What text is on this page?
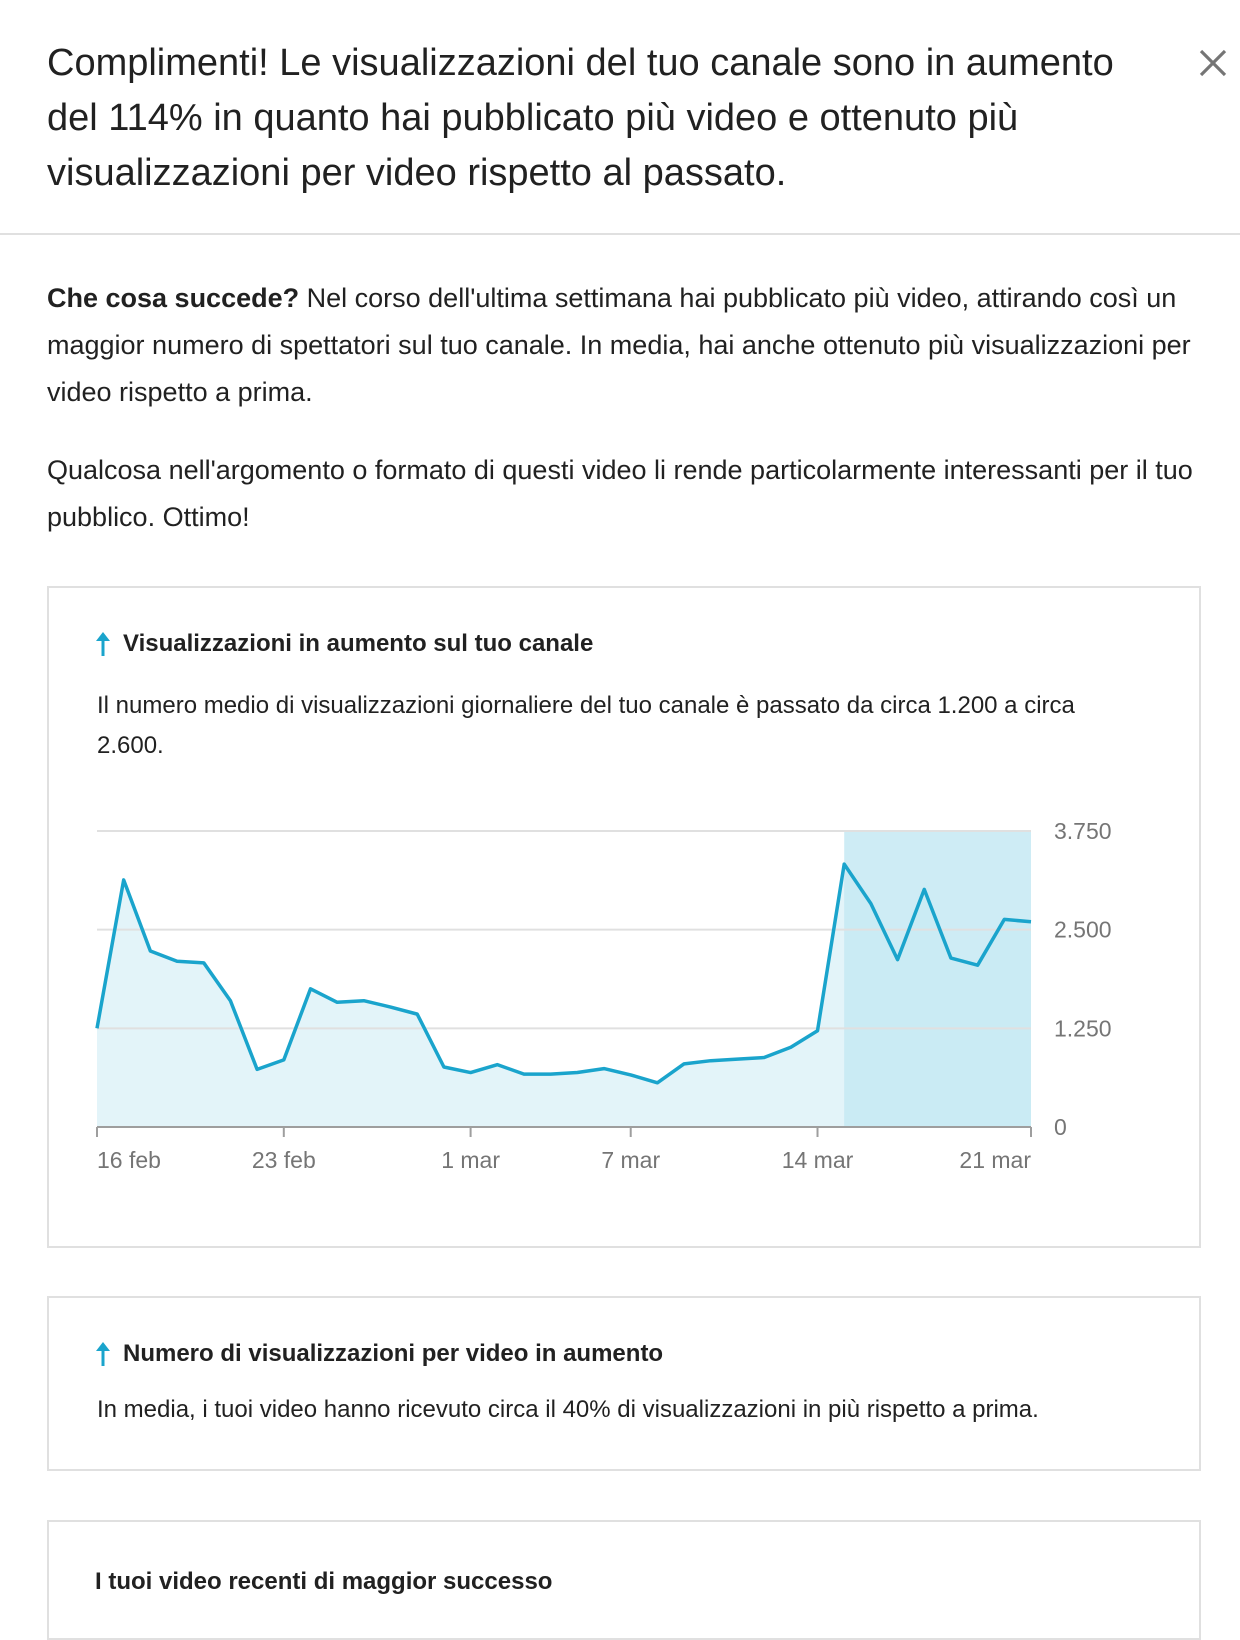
Complimenti! Le visualizzazioni del tuo canale sono in aumento del 114% in quanto hai pubblicato più video e ottenuto più visualizzazioni per video rispetto al passato.

Che cosa succede? Nel corso dell'ultima settimana hai pubblicato più video, attirando così un maggior numero di spettatori sul tuo canale. In media, hai anche ottenuto più visualizzazioni per video rispetto a prima.

Qualcosa nell'argomento o formato di questi video li rende particolarmente interessanti per il tuo pubblico. Ottimo!

Visualizzazioni in aumento sul tuo canale
Il numero medio di visualizzazioni giornaliere del tuo canale è passato da circa 1.200 a circa 2.600.
0
1.250
2.500
3.750
16 feb	23 feb	1 mar	7 mar	14 mar	21 mar
Numero di visualizzazioni per video in aumento
In media, i tuoi video hanno ricevuto circa il 40% di visualizzazioni in più rispetto a prima.
I tuoi video recenti di maggior successo
